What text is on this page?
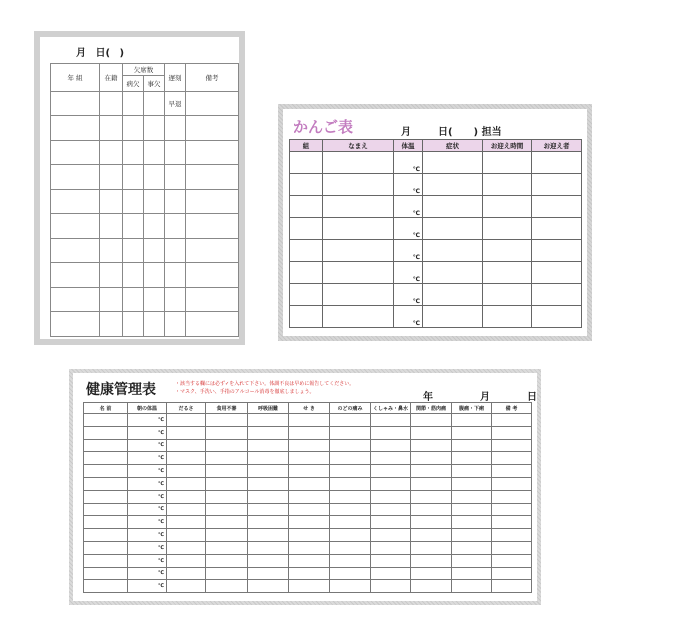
月 日( )
年 組	在籍	欠席数		遅刻	備考
		病欠	事欠		
				早退	

かんご表	月	日( ) 担当
組	なまえ	体温	症状	お迎え時間	お迎え者
		℃			
		℃			
		℃			
		℃			
		℃			
		℃			
		℃			
		℃			
健康管理表	・該当する欄には必ず✓を入れて下さい。体調不良は早めに報告してください。
・マスク、手洗い、手指のアルコール消毒を徹底しましょう。	年	月	日
名 前	朝の体温	だるさ	食用不審	呼吸困難	せ き	のどの痛み	くしゃみ・鼻水	関節・筋肉痛	腹痛・下痢	備 考
	℃									
	℃									
	℃									
	℃									
	℃									
	℃									
	℃									
	℃									
	℃									
	℃									
	℃									
	℃									
	℃									
	℃									
